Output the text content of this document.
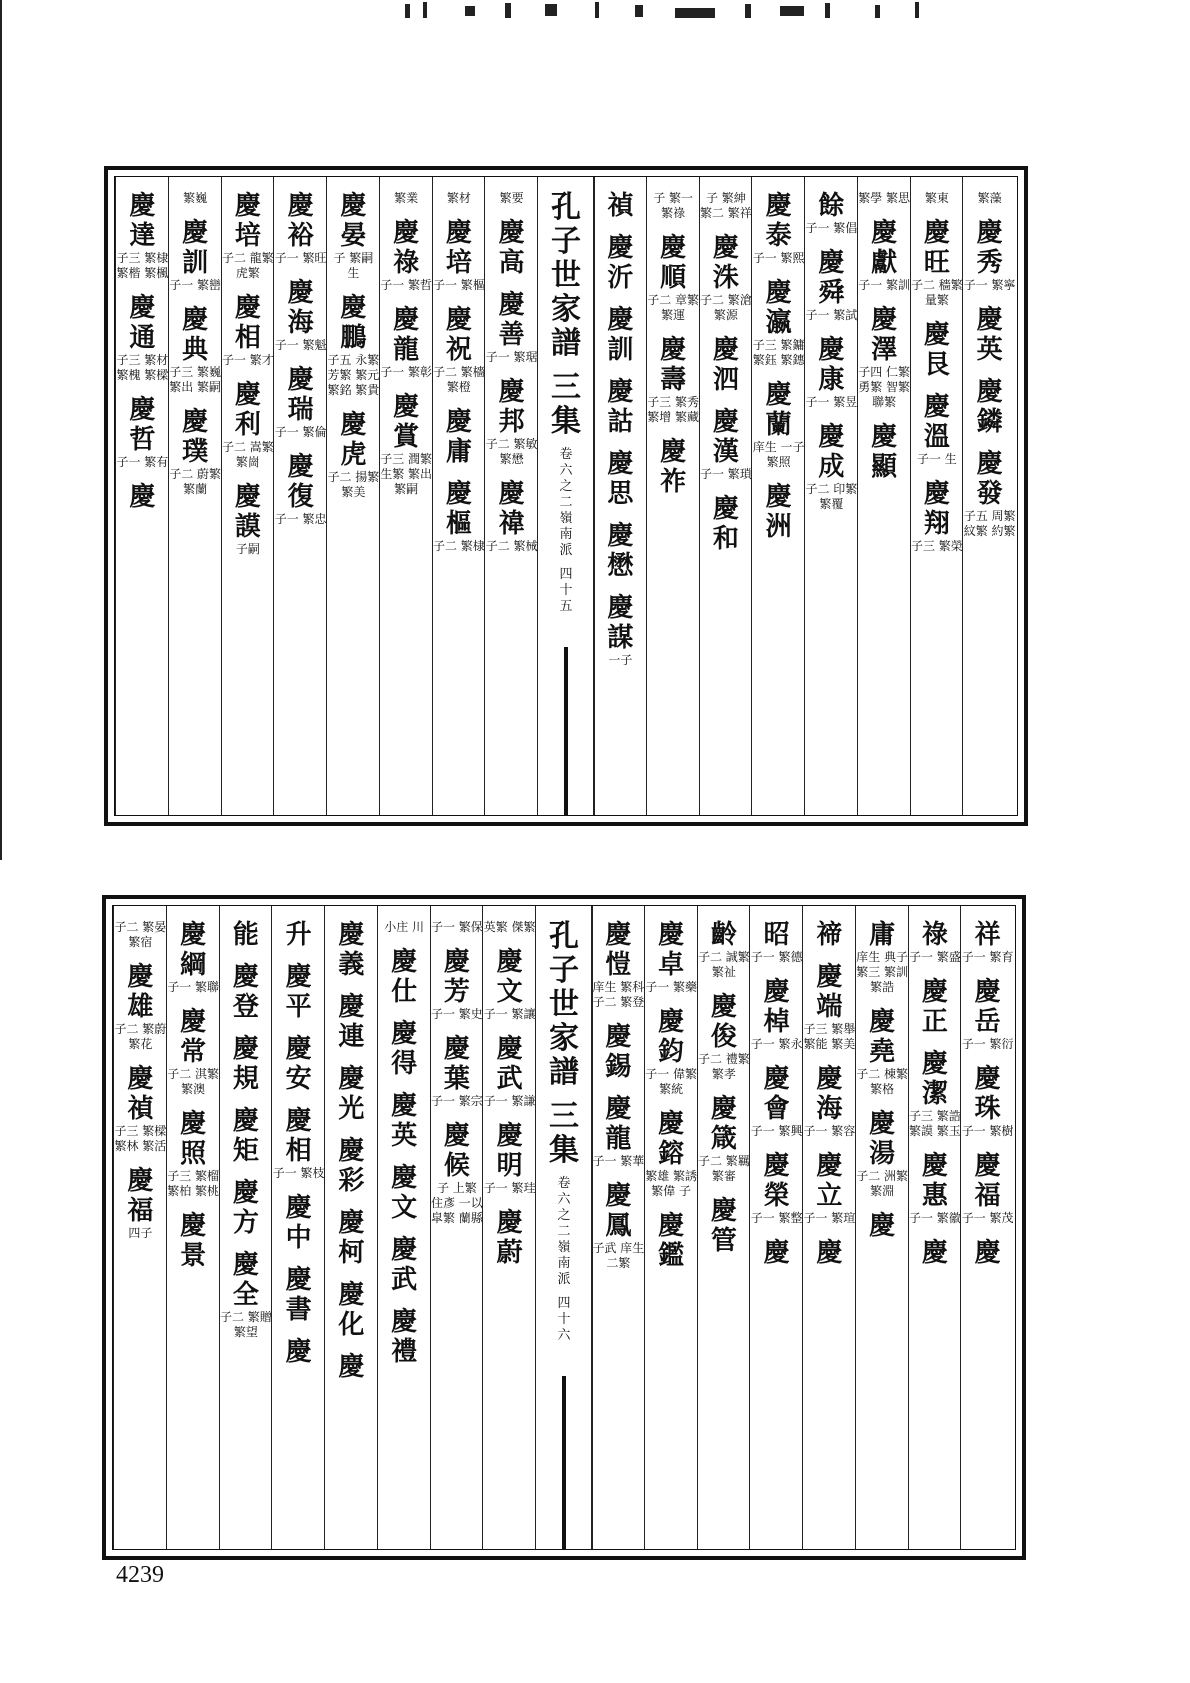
繁藻
慶
秀
子一 繁寧
慶
英
慶
鏻
慶
發
子五 周繁 紋繁 約繁
繁東
慶
旺
子二 穡繁 量繁
慶
艮
慶
溫
子一 生
慶
翔
子三 繁榮
繁學 繁思
慶
獻
子一 繁訓
慶
澤
子四 仁繁 勇繁 智繁 聯繁
慶
顯
餘
子一 繁倡
慶
舜
子一 繁試
慶
康
子一 繁昱
慶
成
子二 印繁 繁覆
慶
泰
子一 繁熙
慶
瀛
子三 繁鏞 繁鈺 繁鏸
慶
蘭
庠生 一子 繁照
慶
洲
子 繁紳 繁二 繁祥
慶
洙
子二 繁滄 繁源
慶
泗
慶
漢
子一 繁瑣
慶
和
子 繁一 繁祿
慶
順
子二 章繁 繁運
慶
壽
子三 繁秀 繁增 繁藏
慶
祚
禎
慶
沂
慶
訓
慶
詁
慶
思
慶
懋
慶
謀
一子
繁要
慶
高
慶
善
子一 繁琚
慶
邦
子二 繁敏 繁懋
慶
禕
子二 繁械
繁材
慶
培
子一 繁樞
慶
祝
子二 繁檣 繁橙
慶
庸
慶
樞
子二 繁棣
繁業
慶
祿
子一 繁哲
慶
龍
子一 繁彰
慶
賞
子三 潤繁 生繁 繁出 繁嗣
慶
晏
子 繁嗣 生
慶
鵬
子五 永繁 芳繁 繁元 繁銘 繁貴
慶
虎
子二 揚繁 繁美
慶
裕
子一 繁旺
慶
海
子一 繁魁
慶
瑞
子一 繁倫
慶
復
子一 繁忠
慶
培
子二 龍繁 虎繁
慶
相
子一 繁才
慶
利
子二 嵩繁 繁崗
慶
謨
子嗣
繁巍
慶
訓
子一 繁巒
慶
典
子三 繁巍 繁出 繁嗣
慶
璞
子二 蔚繁 繁蘭
慶
達
子三 繁棣 繁楷 繁楓
慶
通
子三 繁材 繁槐 繁樑
慶
哲
子一 繁有
慶
孔
子
世
家
譜
三
集
卷
六
之
二
嶺
南
派
四
十
五
祥
子一 繁育
慶
岳
子一 繁衍
慶
珠
子一 繁樹
慶
福
子一 繁茂
慶
祿
子一 繁盛
慶
正
慶
潔
子三 繁誥 繁謨 繁玉
慶
惠
子一 繁徽
慶
庸
庠生 典子 繁三 繁訓 繁誥
慶
堯
子二 棟繁 繁格
慶
湯
子二 洲繁 繁淵
慶
禘
慶
端
子三 繁舉 繁能 繁美
慶
海
子一 繁容
慶
立
子一 繁瑄
慶
昭
子一 繁德
慶
棹
子一 繁永
慶
會
子一 繁興
慶
榮
子一 繁整
慶
齡
子二 誠繁 繁祉
慶
俊
子二 禮繁 繁孝
慶
箴
子二 繁羈 繁審
慶
管
慶
卓
子一 繁藥
慶
鈞
子一 偉繁 繁統
慶
鎔
繁雄 繁誘 繁偉 子
慶
鑑
慶
愷
庠生 繁科 子二 繁登
慶
錫
慶
龍
子一 繁華
慶
鳳
子武 庠生 二繁
英繁 傑繁
慶
文
子一 繁讓
慶
武
子一 繁謙
慶
明
子一 繁珪
慶
蔚
子一 繁保
慶
芳
子一 繁史
慶
葉
子一 繁宗
慶
候
子 上繁 住彥 一以 皐繁 蘭縣
小庄 川
慶
仕
慶
得
慶
英
慶
文
慶
武
慶
禮
慶
義
慶
連
慶
光
慶
彩
慶
柯
慶
化
慶
升
慶
平
慶
安
慶
相
子一 繁枝
慶
中
慶
書
慶
能
慶
登
慶
規
慶
矩
慶
方
慶
全
子二 繁贈 繁望
慶
綱
子一 繁聯
慶
常
子二 淇繁 繁澳
慶
照
子三 繁榴 繁柏 繁桃
慶
景
子二 繁晏 繁宿
慶
雄
子二 繁蔚 繁花
慶
禎
子三 繁樑 繁林 繁活
慶
福
四子
孔
子
世
家
譜
三
集
卷
六
之
二
嶺
南
派
四
十
六
4239
